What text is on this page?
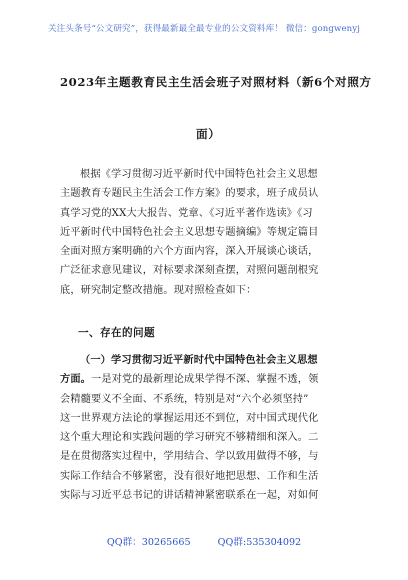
关注头条号“公文研究”，获得最新最全最专业的公文资料库！ 微信：gongwenyj
2023年主题教育民主生活会班子对照材料（新6个对照方
面）
根据《学习贯彻习近平新时代中国特色社会主义思想
主题教育专题民主生活会工作方案》的要求，班子成员认
真学习党的XX大大报告、党章、《习近平著作选读》《习
近平新时代中国特色社会主义思想专题摘编》等规定篇目
全面对照方案明确的六个方面内容，深入开展谈心谈话，
广泛征求意见建议，对标要求深刻查摆，对照问题剖根究
底，研究制定整改措施。现对照检查如下：
一、存在的问题
（一）学习贯彻习近平新时代中国特色社会主义思想
方面。一是对党的最新理论成果学得不深、掌握不透，领
会精髓要义不全面、不系统，特别是对“六个必须坚持”
这一世界观方法论的掌握运用还不到位，对中国式现代化
这个重大理论和实践问题的学习研究不够精细和深入。二
是在贯彻落实过程中，学用结合、学以致用做得不够，与
实际工作结合不够紧密，没有很好地把思想、工作和生活
实际与习近平总书记的讲话精神紧密联系在一起，对如何
QQ群：30265665	QQ群:535304092
